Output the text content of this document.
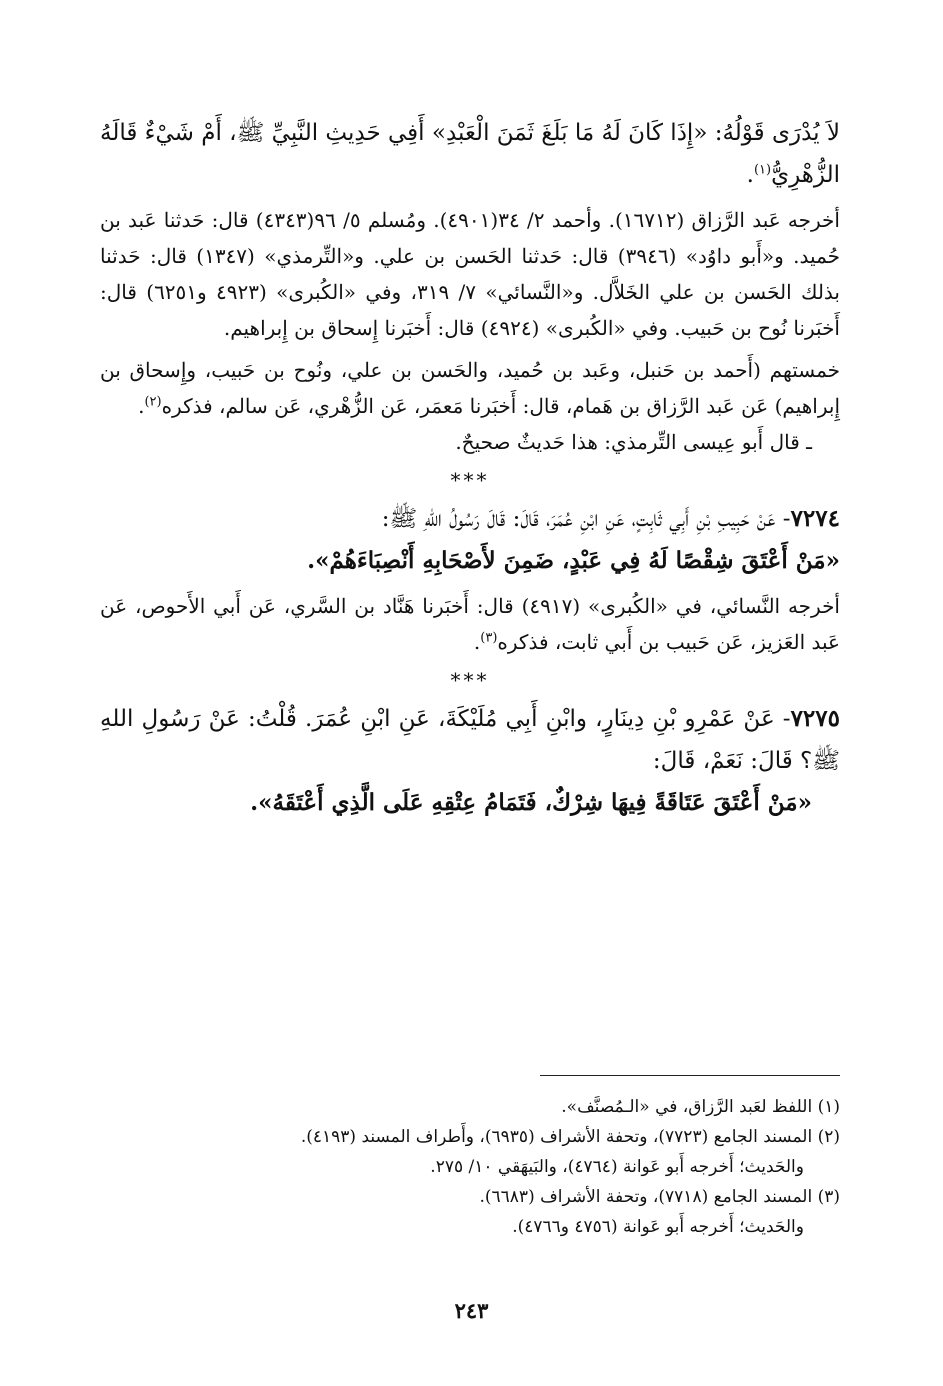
لاَ يُدْرَى قَوْلُهُ: «إِذَا كَانَ لَهُ مَا بَلَغَ ثَمَنَ الْعَبْدِ» أَفِي حَدِيثِ النَّبِيِّ ﷺ، أَمْ شَيْءٌ قَالَهُ الزُّهْرِيُّ$^{(١)}$.

أخرجه عَبد الرَّزاق (١٦٧١٢). وأحمد ٢/ ٣٤(٤٩٠١). ومُسلم ٥/ ٩٦(٤٣٤٣) قال: حَدثنا عَبد بن حُميد. و«أَبو داوُد» (٣٩٤٦) قال: حَدثنا الحَسن بن علي. و«التِّرمذي» (١٣٤٧) قال: حَدثنا بذلك الحَسن بن علي الخَلاَّل. و«النَّسائي» ٧/ ٣١٩، وفي «الكُبرى» (٤٩٢٣ و٦٢٥١) قال: أَخبَرنا نُوح بن حَبيب. وفي «الكُبرى» (٤٩٢٤) قال: أَخبَرنا إِسحاق بن إِبراهيم.

خمستهم (أَحمد بن حَنبل، وعَبد بن حُميد، والحَسن بن علي، ونُوح بن حَبيب، وإِسحاق بن إِبراهيم) عَن عَبد الرَّزاق بن هَمام، قال: أَخبَرنا مَعمَر، عَن الزُّهْري، عَن سالم، فذكره$^{(٢)}$.

ـ قال أَبو عِيسى التِّرمذي: هذا حَديثٌ صحيحٌ.

***

٧٢٧٤- عَنْ حَبِيبِ بْنِ أَبِي ثَابِتٍ، عَنِ ابْنِ عُمَرَ، قَالَ: قَالَ رَسُولُ اللهِ ﷺ:
«مَنْ أَعْتَقَ شِقْصًا لَهُ فِي عَبْدٍ، ضَمِنَ لأَصْحَابِهِ أَنْصِبَاءَهُمْ».

أخرجه النَّسائي، في «الكُبرى» (٤٩١٧) قال: أَخبَرنا هَنَّاد بن السَّري، عَن أَبي الأَحوص، عَن عَبد العَزيز، عَن حَبيب بن أَبي ثابت، فذكره$^{(٣)}$.

***

٧٢٧٥- عَنْ عَمْرِو بْنِ دِينَارٍ، وابْنِ أَبِي مُلَيْكَةَ، عَنِ ابْنِ عُمَرَ. قُلْتُ: عَنْ رَسُولِ اللهِ ﷺ؟ قَالَ: نَعَمْ، قَالَ:
«مَنْ أَعْتَقَ عَتَاقَةً فِيهَا شِرْكٌ، فَتَمَامُ عِتْقِهِ عَلَى الَّذِي أَعْتَقَهُ».

(١) اللفظ لعَبد الرَّزاق، في «الـمُصنَّف».

(٢) المسند الجامع (٧٧٢٣)، وتحفة الأشراف (٦٩٣٥)، وأَطراف المسند (٤١٩٣).

والحَديث؛ أَخرجه أَبو عَوانة (٤٧٦٤)، والبَيهَقي ١٠/ ٢٧٥.

(٣) المسند الجامع (٧٧١٨)، وتحفة الأشراف (٦٦٨٣).

والحَديث؛ أَخرجه أَبو عَوانة (٤٧٥٦ و٤٧٦٦).

٢٤٣
